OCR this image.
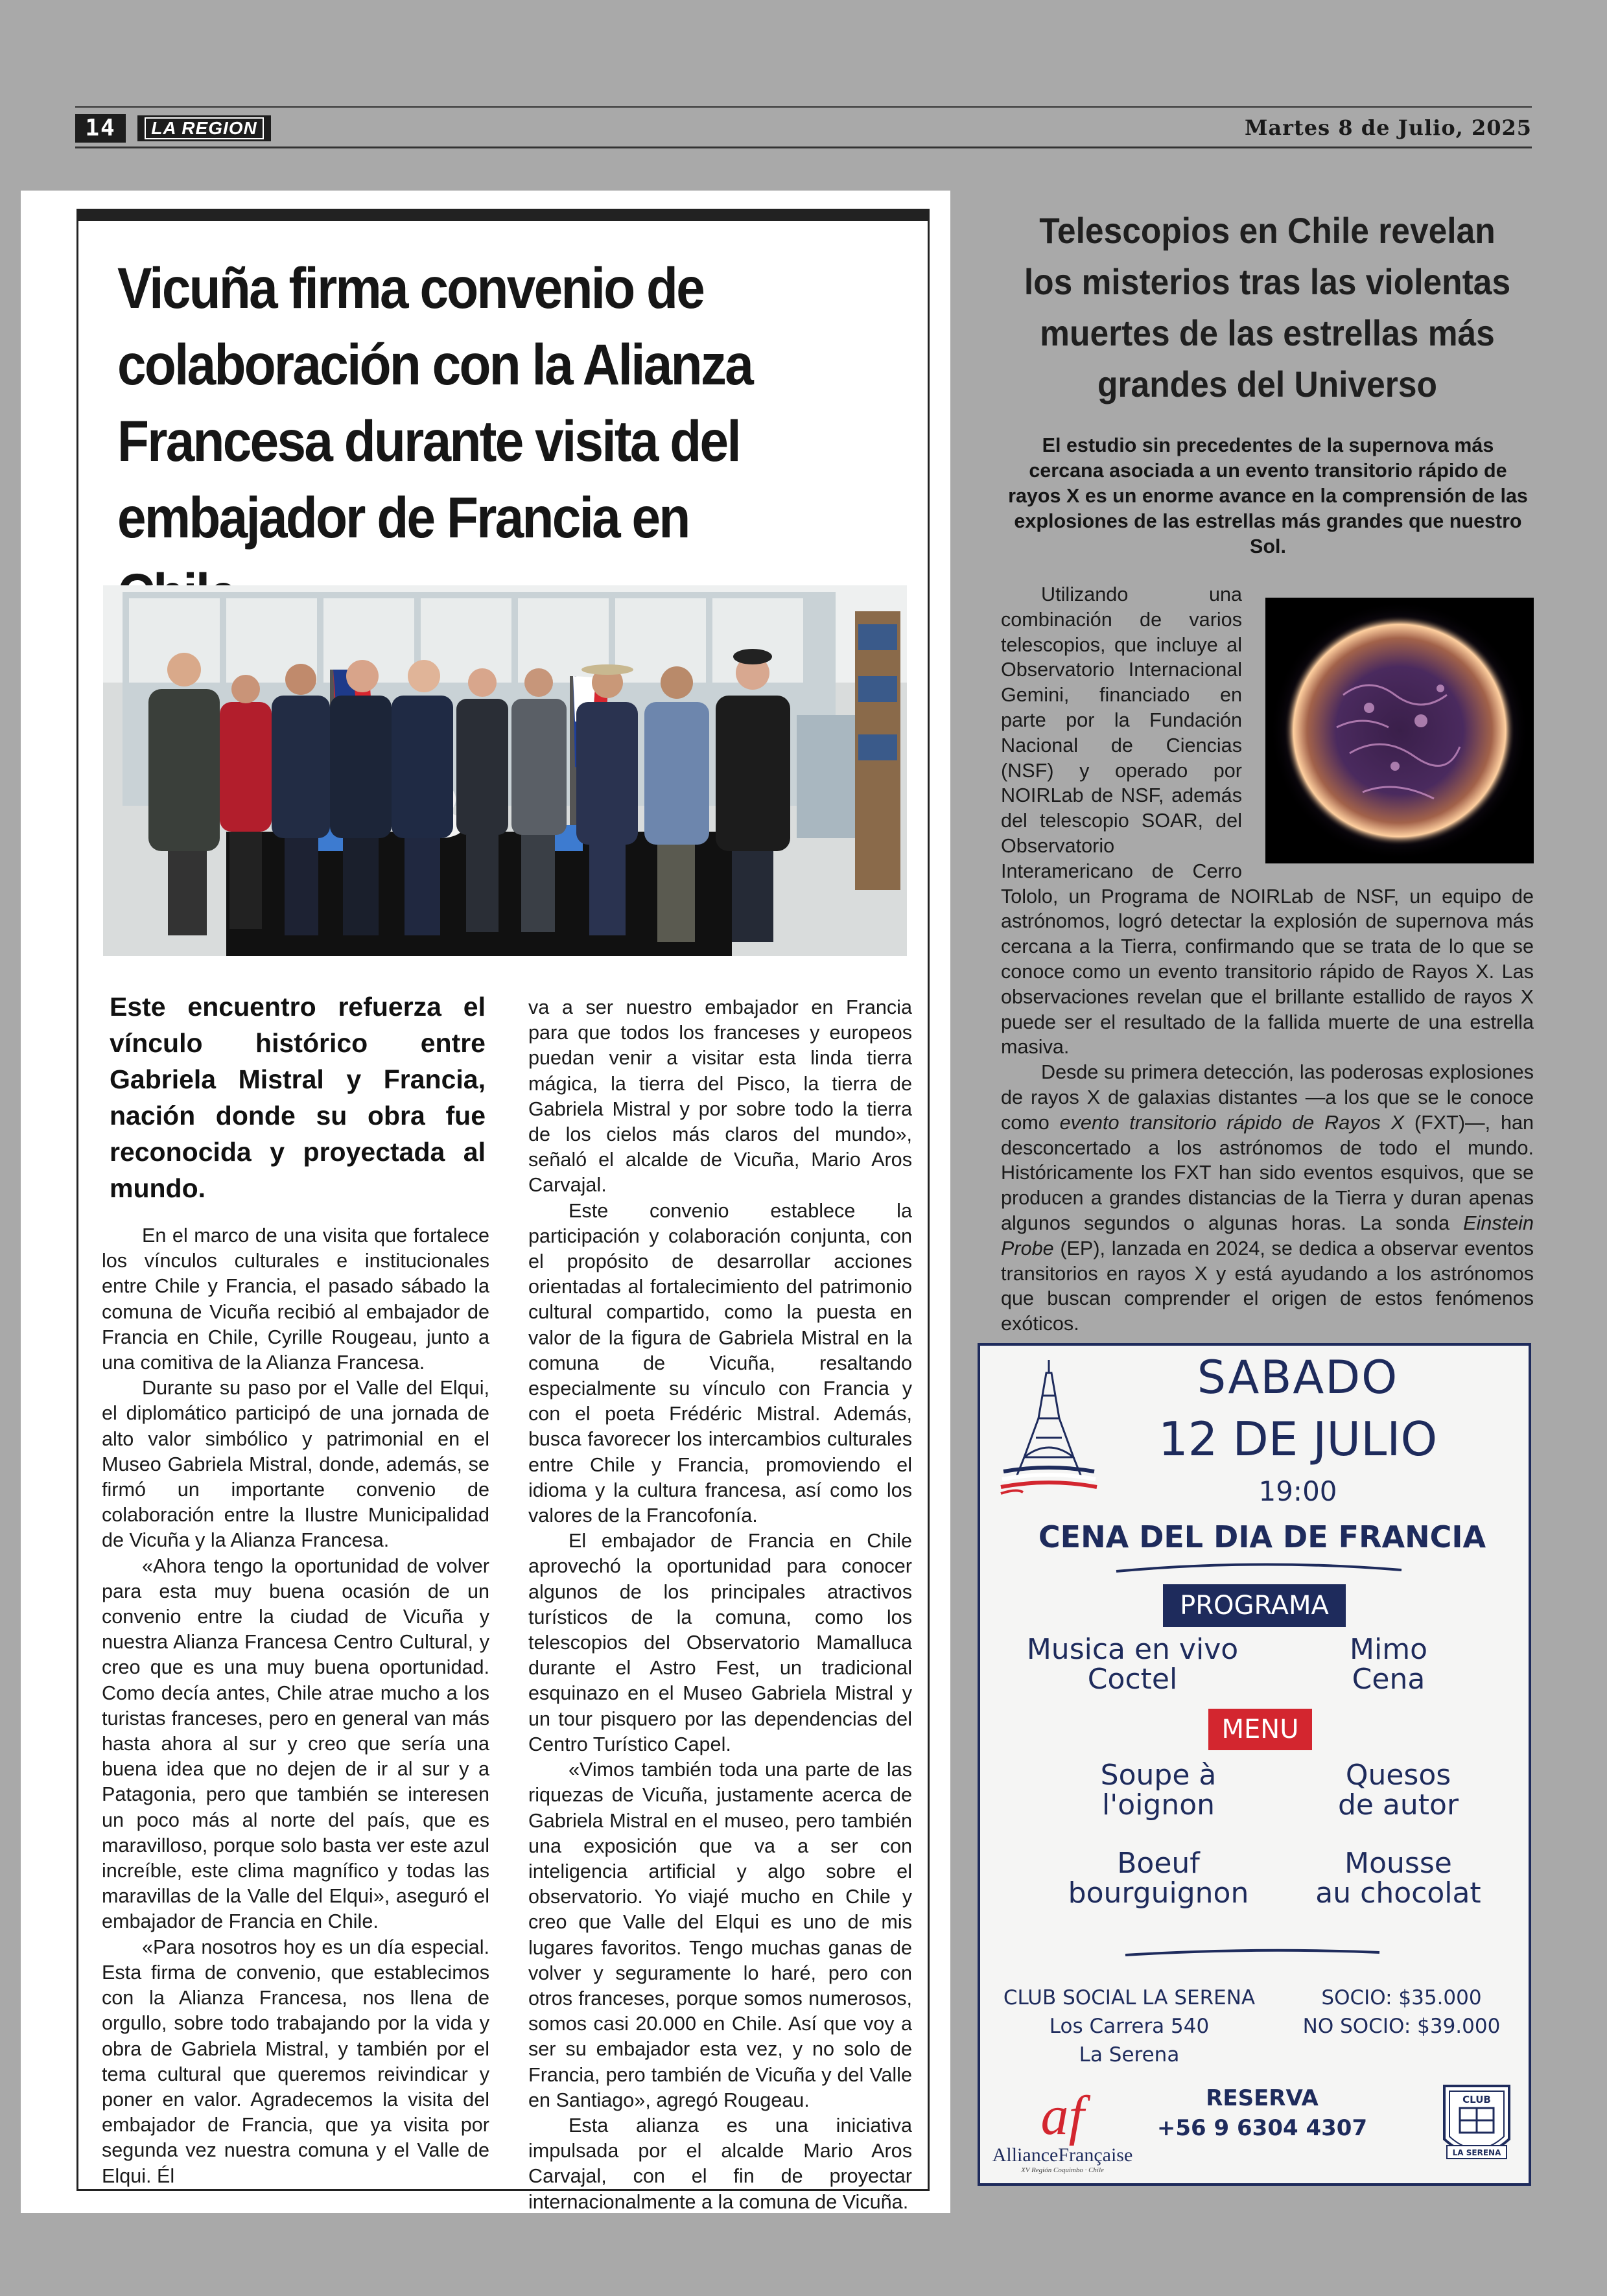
14	LA REGION	Martes 8 de Julio, 2025
Vicuña firma convenio de colaboración con la Alianza Francesa durante visita del embajador de Francia en

Este encuentro refuerza el vínculo histórico entre Gabriela Mistral y Francia, nación donde su obra fue reconocida y proyectada al mundo.

En el marco de una visita que fortalece los vínculos culturales e institucionales entre Chile y Francia, el pasado sábado la comuna de Vicuña recibió al embajador de Francia en Chile, Cyrille Rougeau, junto a una comitiva de la Alianza Francesa.

Durante su paso por el Valle del Elqui, el diplomático participó de una jornada de alto valor simbólico y patrimonial en el Museo Gabriela Mistral, donde, además, se firmó un importante convenio de colaboración entre la Ilustre Municipalidad de Vicuña y la Alianza Francesa.

«Ahora tengo la oportunidad de volver para esta muy buena ocasión de un convenio entre la ciudad de Vicuña y nuestra Alianza Francesa Centro Cultural, y creo que es una muy buena oportunidad. Como decía antes, Chile atrae mucho a los turistas franceses, pero en general van más hasta ahora al sur y creo que sería una buena idea que no dejen de ir al sur y a Patagonia, pero que también se interesen un poco más al norte del país, que es maravilloso, porque solo basta ver este azul increíble, este clima magnífico y todas las maravillas de la Valle del Elqui», aseguró el embajador de Francia en Chile.

«Para nosotros hoy es un día especial. Esta firma de convenio, que establecimos con la Alianza Francesa, nos llena de orgullo, sobre todo trabajando por la vida y obra de Gabriela Mistral, y también por el tema cultural que queremos reivindicar y poner en valor. Agradecemos la visita del embajador de Francia, que ya visita por segunda vez nuestra comuna y el Valle de Elqui. Él

va a ser nuestro embajador en Francia para que todos los franceses y europeos puedan venir a visitar esta linda tierra mágica, la tierra del Pisco, la tierra de Gabriela Mistral y por sobre todo la tierra de los cielos más claros del mundo», señaló el alcalde de Vicuña, Mario Aros Carvajal.

Este convenio establece la participación y colaboración conjunta, con el propósito de desarrollar acciones orientadas al fortalecimiento del patrimonio cultural compartido, como la puesta en valor de la figura de Gabriela Mistral en la comuna de Vicuña, resaltando especialmente su vínculo con Francia y con el poeta Frédéric Mistral. Además, busca favorecer los intercambios culturales entre Chile y Francia, promoviendo el idioma y la cultura francesa, así como los valores de la Francofonía.

El embajador de Francia en Chile aprovechó la oportunidad para conocer algunos de los principales atractivos turísticos de la comuna, como los telescopios del Observatorio Mamalluca durante el Astro Fest, un tradicional esquinazo en el Museo Gabriela Mistral y un tour pisquero por las dependencias del Centro Turístico Capel.

«Vimos también toda una parte de las riquezas de Vicuña, justamente acerca de Gabriela Mistral en el museo, pero también una exposición que va a ser con inteligencia artificial y algo sobre el observatorio. Yo viajé mucho en Chile y creo que Valle del Elqui es uno de mis lugares favoritos. Tengo muchas ganas de volver y seguramente lo haré, pero con otros franceses, porque somos numerosos, somos casi 20.000 en Chile. Así que voy a ser su embajador esta vez, y no solo de Francia, pero también de Vicuña y del Valle en Santiago», agregó Rougeau.

Esta alianza es una iniciativa impulsada por el alcalde Mario Aros Carvajal, con el fin de proyectar internacionalmente a la comuna de Vicuña.

Telescopios en Chile revelan los misterios tras las violentas muertes de las estrellas más grandes del Universo

El estudio sin precedentes de la supernova más cercana asociada a un evento transitorio rápido de rayos X es un enorme avance en la comprensión de las explosiones de las estrellas más grandes que nuestro Sol.

Utilizando una combinación de varios telescopios, que incluye al Observatorio Internacional Gemini, financiado en parte por la Fundación Nacional de Ciencias (NSF) y operado por NOIRLab de NSF, además del telescopio SOAR, del Observatorio Interamericano de Cerro Tololo, un Programa de NOIRLab de NSF, un equipo de astrónomos, logró detectar la explosión de supernova más cercana a la Tierra, confirmando que se trata de lo que se conoce como un evento transitorio rápido de Rayos X. Las observaciones revelan que el brillante estallido de rayos X puede ser el resultado de la fallida muerte de una estrella masiva.

Desde su primera detección, las poderosas explosiones de rayos X de galaxias distantes —a los que se le conoce como evento transitorio rápido de Rayos X (FXT)—, han desconcertado a los astrónomos de todo el mundo. Históricamente los FXT han sido eventos esquivos, que se producen a grandes distancias de la Tierra y duran apenas algunos segundos o algunas horas. La sonda Einstein Probe (EP), lanzada en 2024, se dedica a observar eventos transitorios en rayos X y está ayudando a los astrónomos que buscan comprender el origen de estos fenómenos exóticos.

SABADO
12 DE JULIO
19:00
CENA DEL DIA DE FRANCIA
PROGRAMA
Musica en vivo
Coctel
Mimo
Cena
MENU
Soupe à
l'oignon
Quesos
de autor
Boeuf
bourguignon
Mousse
au chocolat
CLUB SOCIAL LA SERENA
Los Carrera 540
La Serena
SOCIO: $35.000
NO SOCIO: $39.000
af
AllianceFrançaise
XV Región Coquimbo · Chile
RESERVA
+56 9 6304 4307
CLUB
LA SERENA
